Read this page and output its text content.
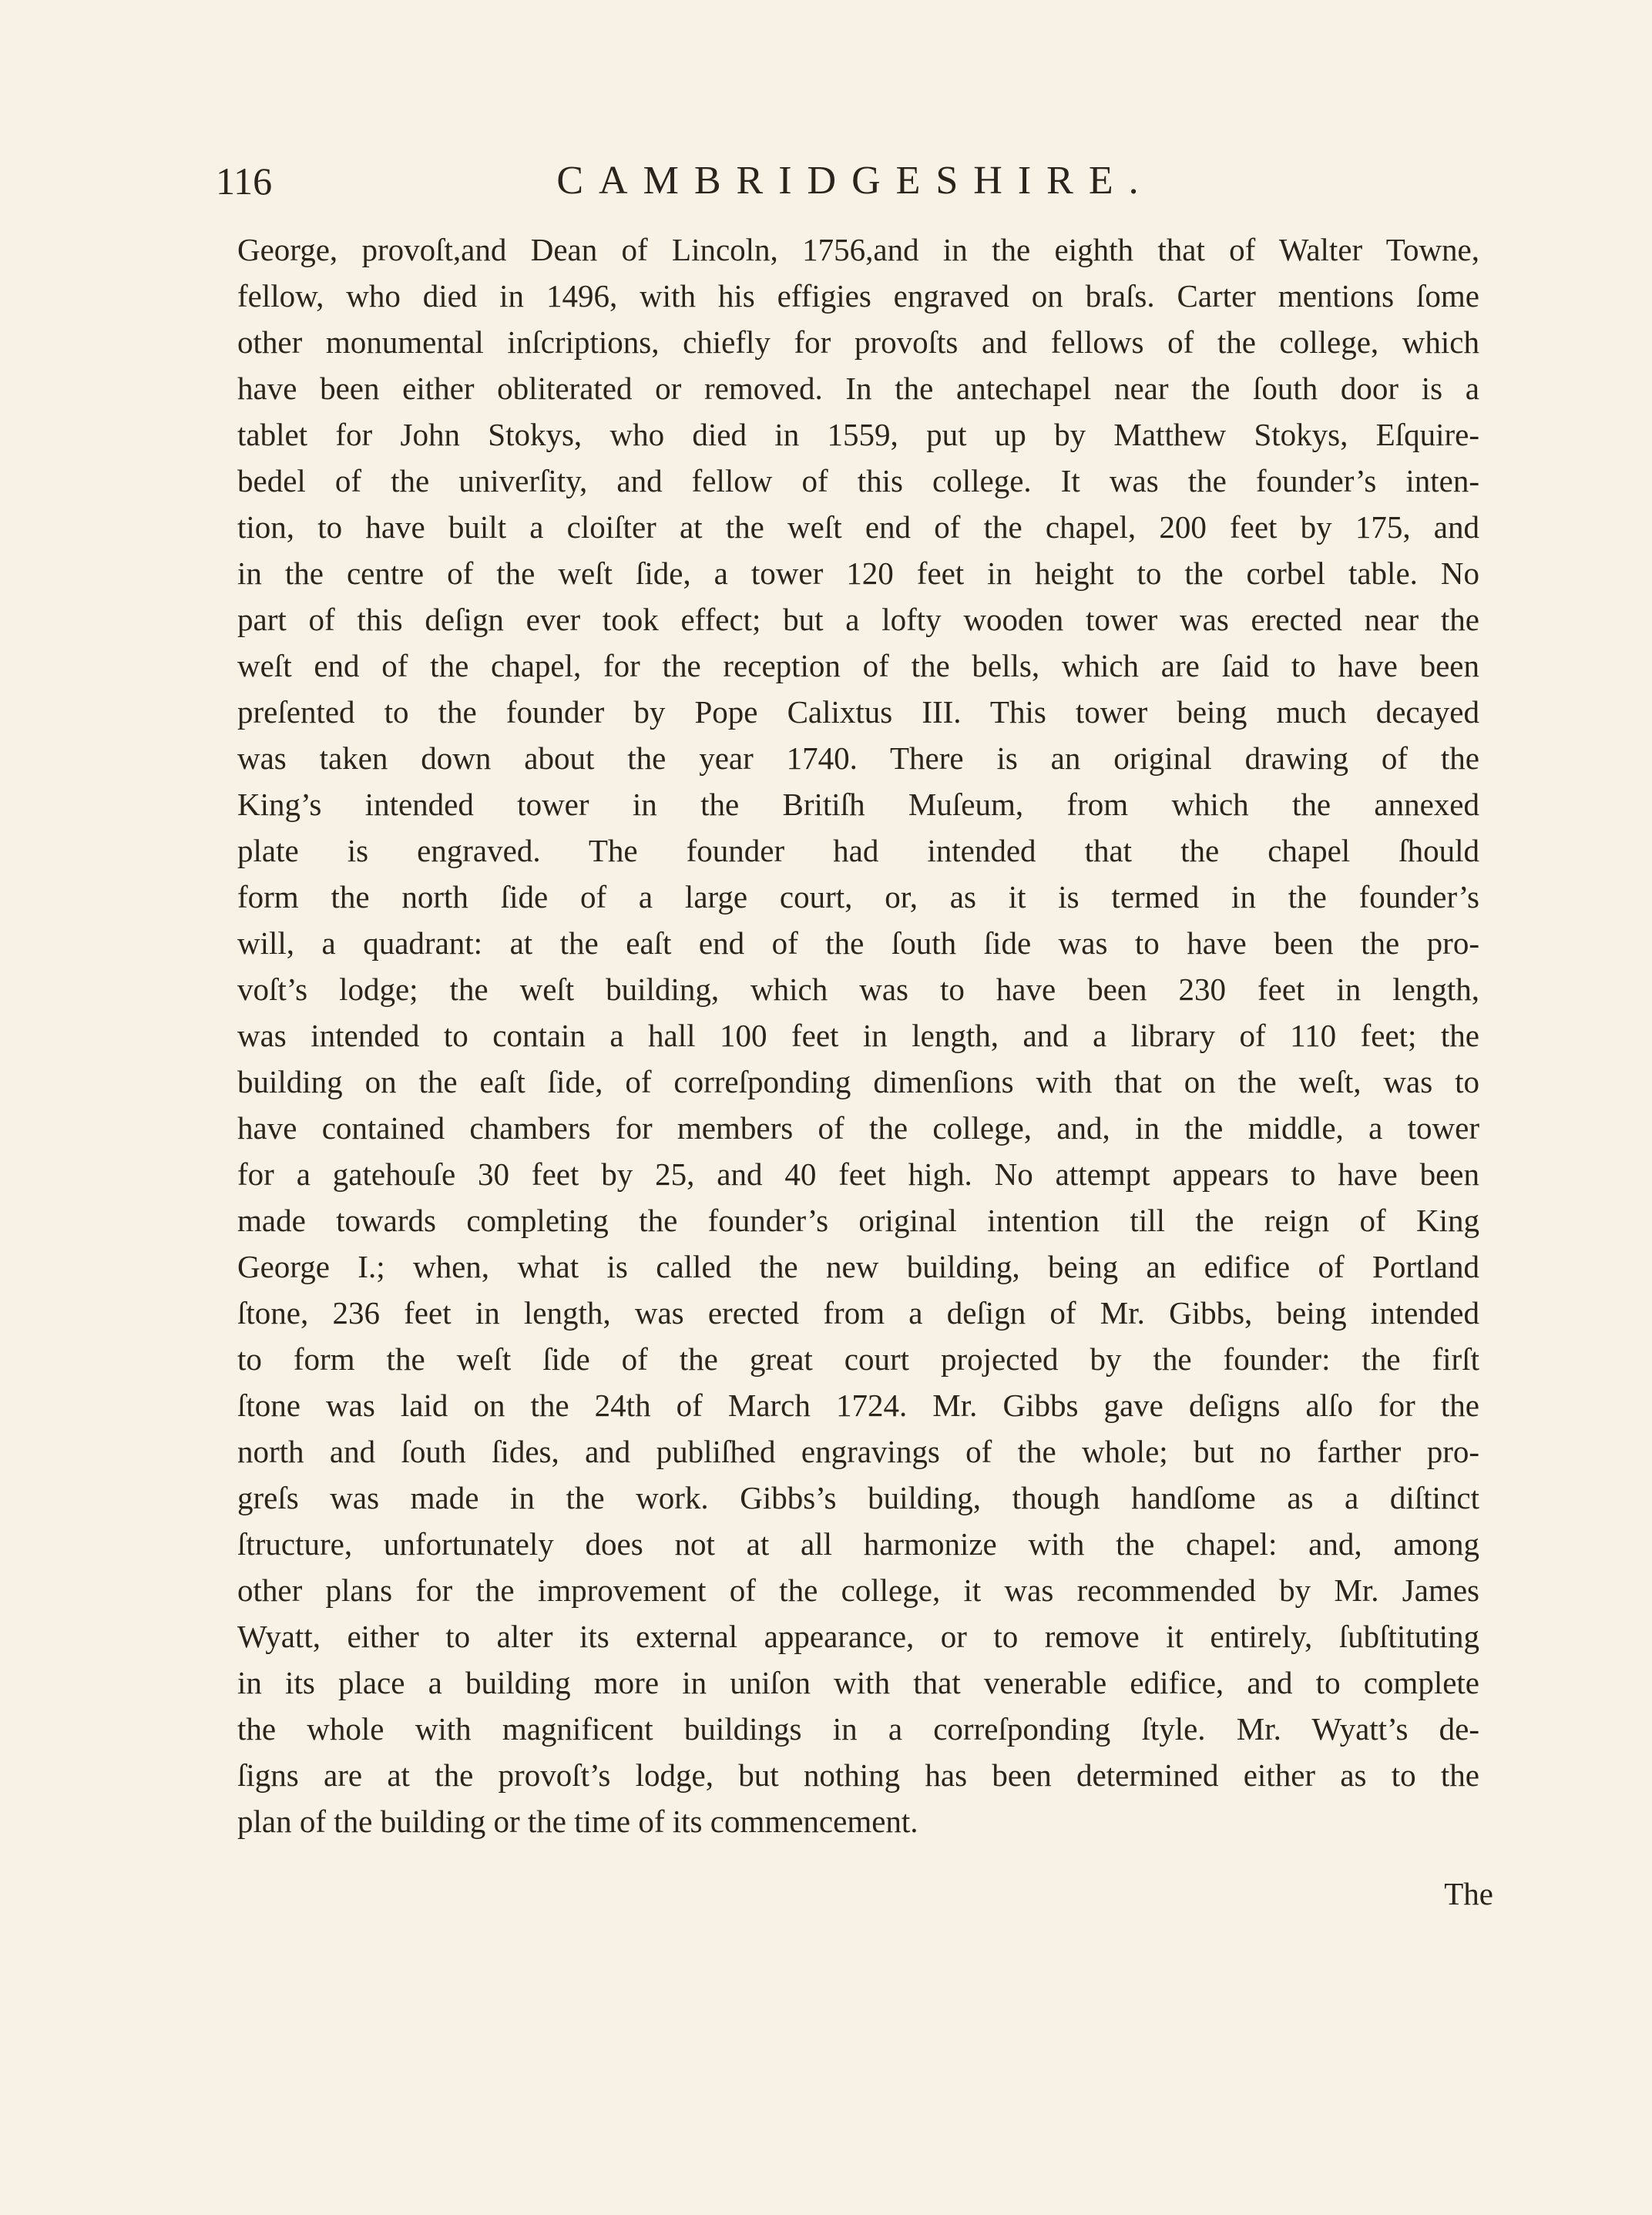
116	CAMBRIDGESHIRE.
George, provoſt,and Dean of Lincoln, 1756,and in the eighth that of Walter Towne,
fellow, who died in 1496, with his effigies engraved on braſs. Carter mentions ſome
other monumental inſcriptions, chiefly for provoſts and fellows of the college, which
have been either obliterated or removed. In the antechapel near the ſouth door is a
tablet for John Stokys, who died in 1559, put up by Matthew Stokys, Eſquire-
bedel of the univerſity, and fellow of this college. It was the founder’s inten-
tion, to have built a cloiſter at the weſt end of the chapel, 200 feet by 175, and
in the centre of the weſt ſide, a tower 120 feet in height to the corbel table. No
part of this deſign ever took effect; but a lofty wooden tower was erected near the
weſt end of the chapel, for the reception of the bells, which are ſaid to have been
preſented to the founder by Pope Calixtus III. This tower being much decayed
was taken down about the year 1740. There is an original drawing of the
King’s intended tower in the Britiſh Muſeum, from which the annexed
plate is engraved. The founder had intended that the chapel ſhould
form the north ſide of a large court, or, as it is termed in the founder’s
will, a quadrant: at the eaſt end of the ſouth ſide was to have been the pro-
voſt’s lodge; the weſt building, which was to have been 230 feet in length,
was intended to contain a hall 100 feet in length, and a library of 110 feet; the
building on the eaſt ſide, of correſponding dimenſions with that on the weſt, was to
have contained chambers for members of the college, and, in the middle, a tower
for a gatehouſe 30 feet by 25, and 40 feet high. No attempt appears to have been
made towards completing the founder’s original intention till the reign of King
George I.; when, what is called the new building, being an edifice of Portland
ſtone, 236 feet in length, was erected from a deſign of Mr. Gibbs, being intended
to form the weſt ſide of the great court projected by the founder: the firſt
ſtone was laid on the 24th of March 1724. Mr. Gibbs gave deſigns alſo for the
north and ſouth ſides, and publiſhed engravings of the whole; but no farther pro-
greſs was made in the work. Gibbs’s building, though handſome as a diſtinct
ſtructure, unfortunately does not at all harmonize with the chapel: and, among
other plans for the improvement of the college, it was recommended by Mr. James
Wyatt, either to alter its external appearance, or to remove it entirely, ſubſtituting
in its place a building more in uniſon with that venerable edifice, and to complete
the whole with magnificent buildings in a correſponding ſtyle. Mr. Wyatt’s de-
ſigns are at the provoſt’s lodge, but nothing has been determined either as to the
plan of the building or the time of its commencement.
The
